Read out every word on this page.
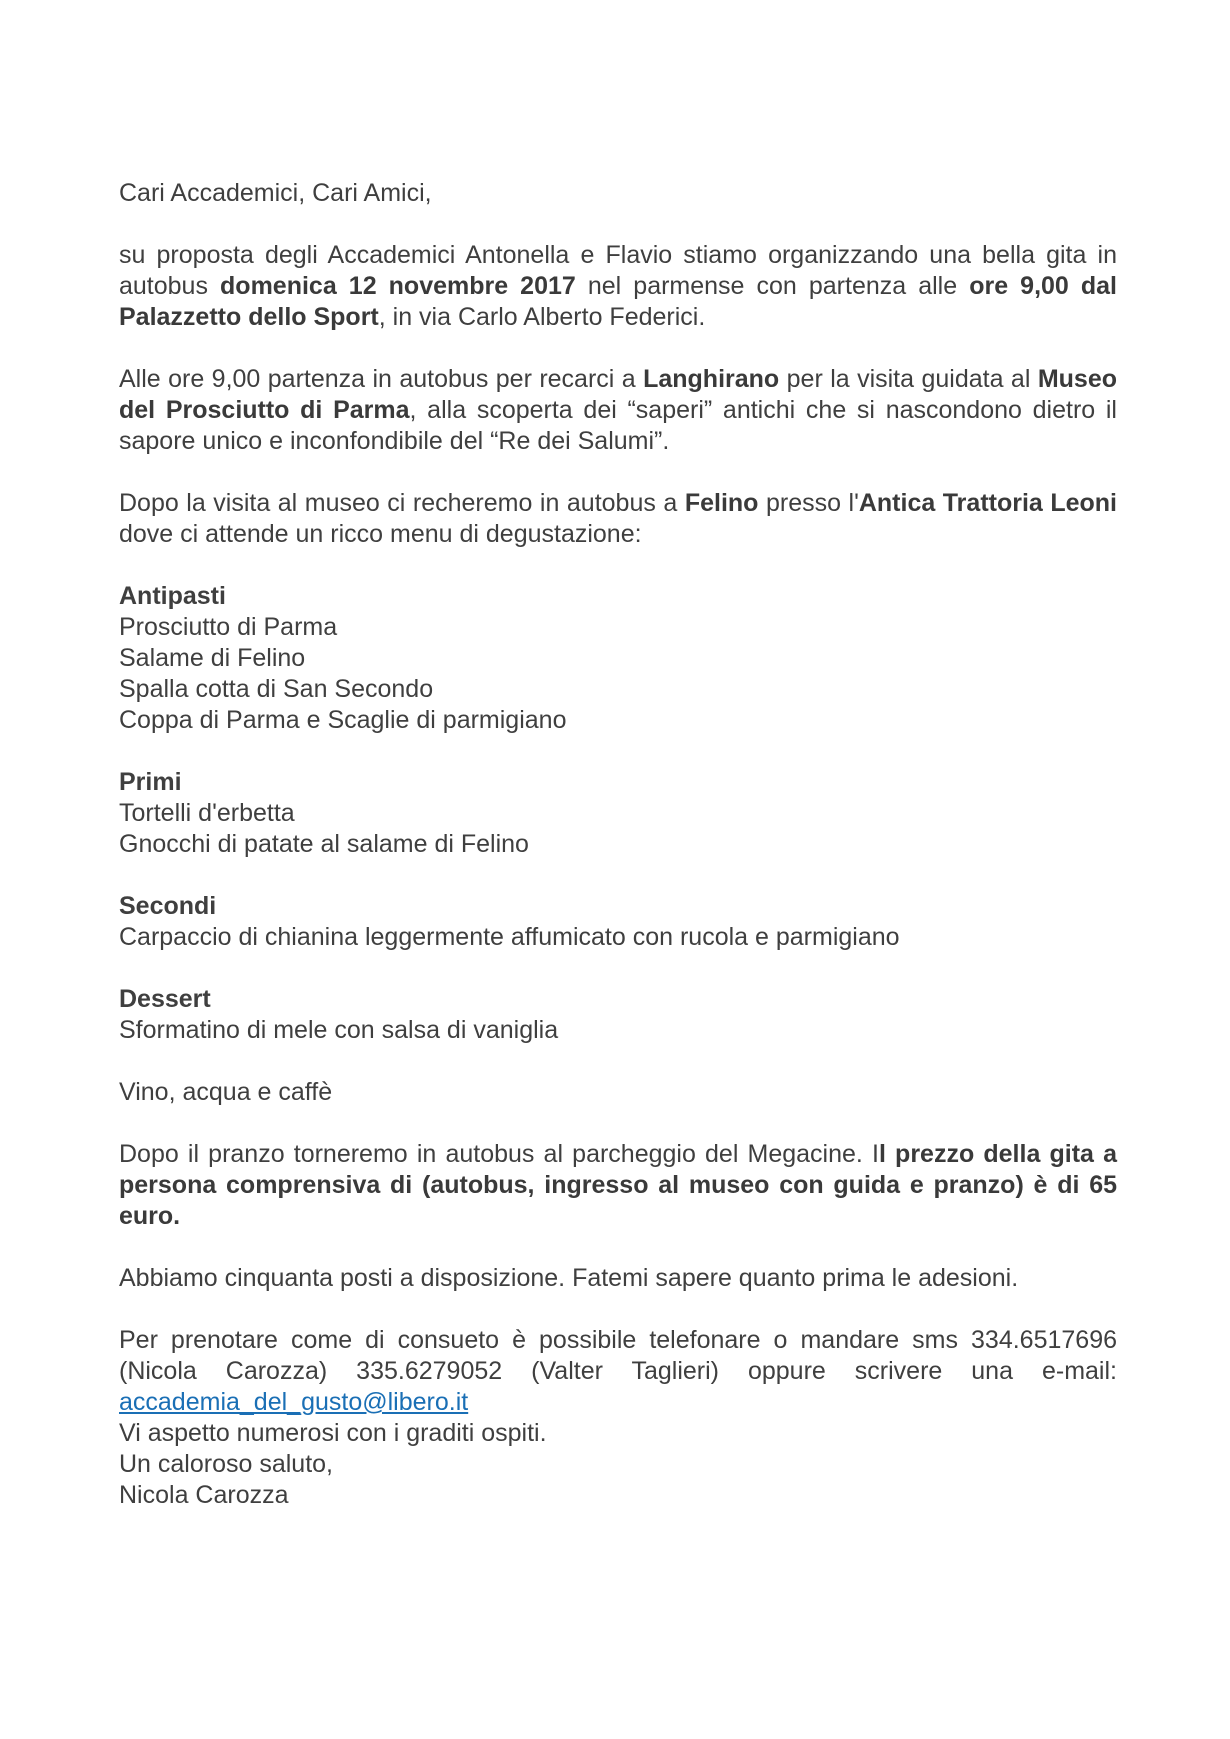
Cari Accademici, Cari Amici,

su proposta degli Accademici Antonella e Flavio stiamo organizzando una bella gita in autobus domenica 12 novembre 2017 nel parmense con partenza alle ore 9,00 dal Palazzetto dello Sport, in via Carlo Alberto Federici.

Alle ore 9,00 partenza in autobus per recarci a Langhirano per la visita guidata al Museo del Prosciutto di Parma, alla scoperta dei “saperi” antichi che si nascondono dietro il sapore unico e inconfondibile del “Re dei Salumi”.

Dopo la visita al museo ci recheremo in autobus a Felino presso l'Antica Trattoria Leoni dove ci attende un ricco menu di degustazione:

Antipasti
Prosciutto di Parma
Salame di Felino
Spalla cotta di San Secondo
Coppa di Parma e Scaglie di parmigiano
Primi
Tortelli d'erbetta
Gnocchi di patate al salame di Felino
Secondi
Carpaccio di chianina leggermente affumicato con rucola e parmigiano
Dessert
Sformatino di mele con salsa di vaniglia

Vino, acqua e caffè

Dopo il pranzo torneremo in autobus al parcheggio del Megacine. Il prezzo della gita a persona comprensiva di (autobus, ingresso al museo con guida e pranzo) è di 65 euro.

Abbiamo cinquanta posti a disposizione. Fatemi sapere quanto prima le adesioni.

Per prenotare come di consueto è possibile telefonare o mandare sms 334.6517696 (Nicola Carozza) 335.6279052 (Valter Taglieri) oppure scrivere una e-mail: accademia_del_gusto@libero.it

Vi aspetto numerosi con i graditi ospiti.
Un caloroso saluto,
Nicola Carozza
